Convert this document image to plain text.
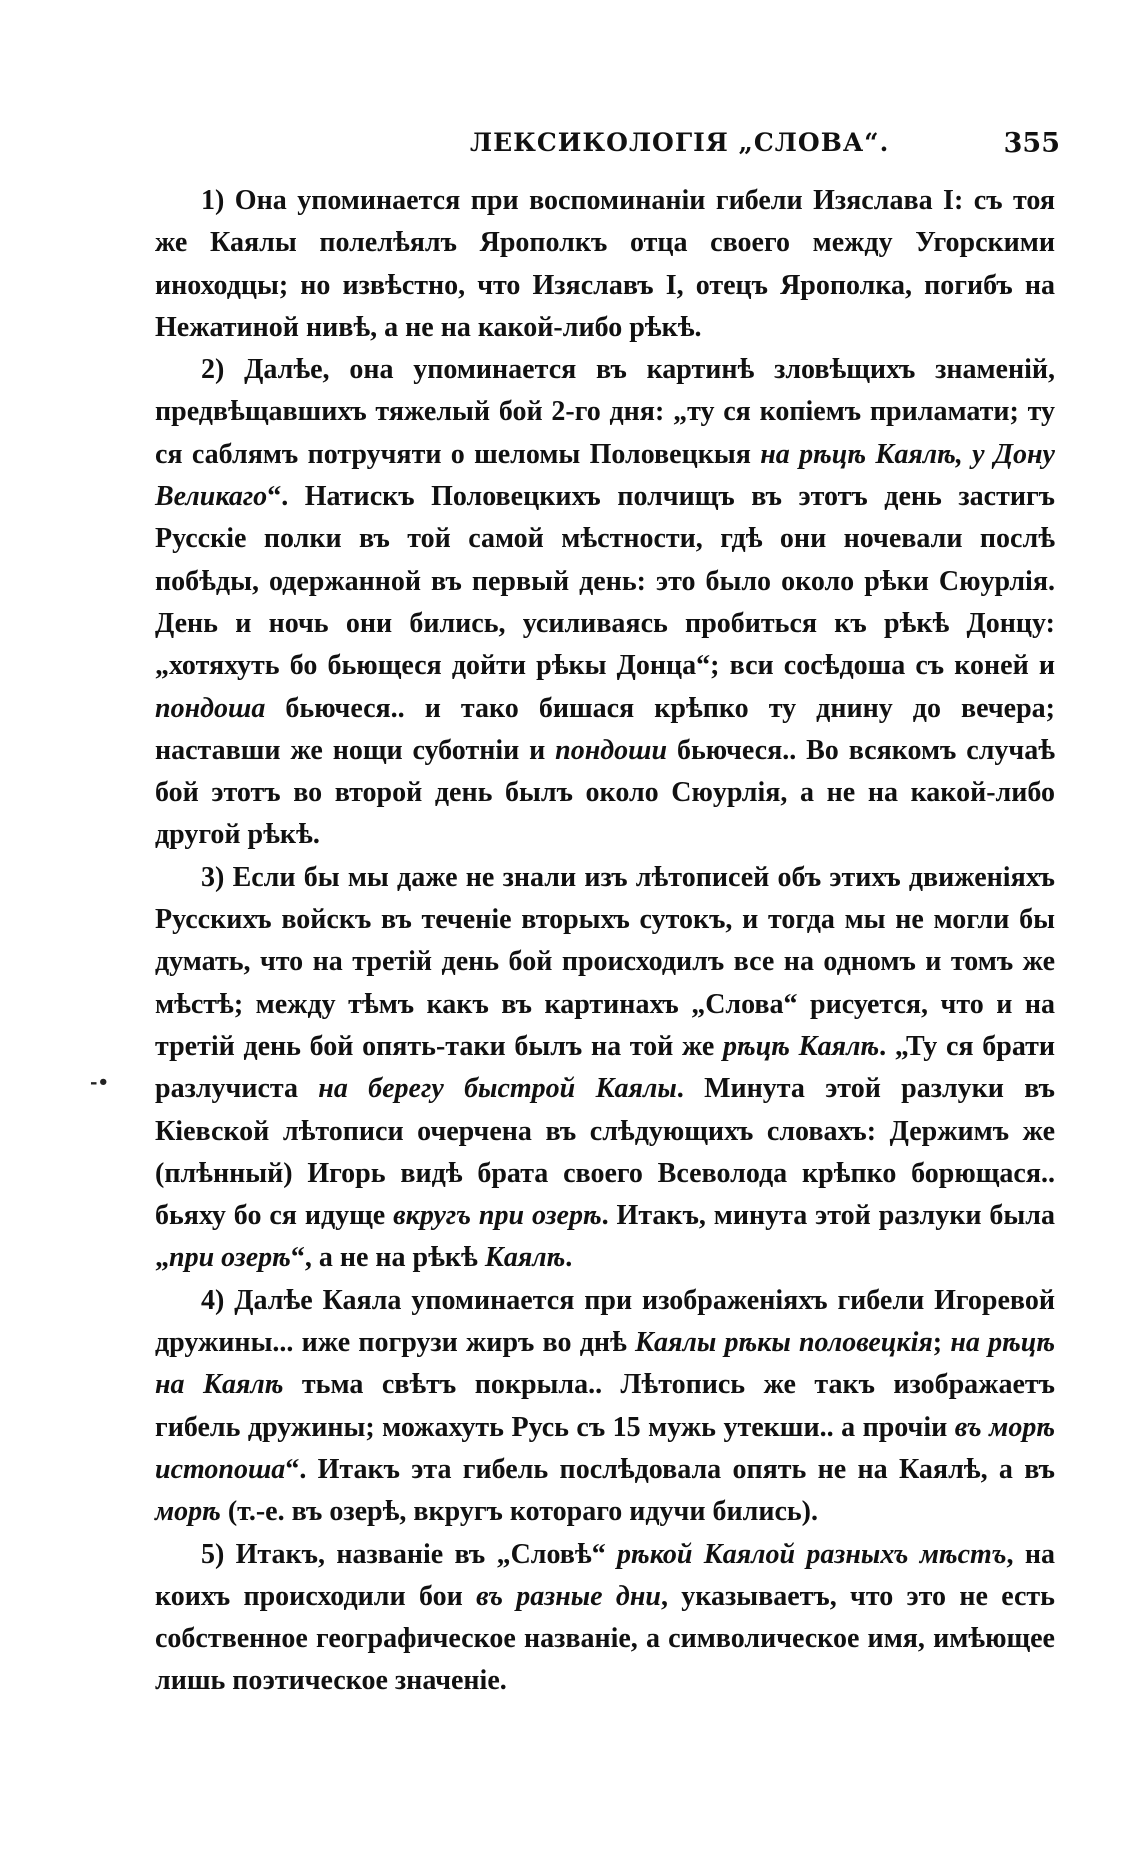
ЛЕКСИКОЛОГІЯ „СЛОВА“.	355
-•

1) Она упоминается при воспоминаніи гибели Изяслава I: съ тоя же Каялы полелѣялъ Ярополкъ отца своего между Угорскими иноходцы; но извѣстно, что Изяславъ I, отецъ Ярополка, погибъ на Нежатиной нивѣ, а не на какой-либо рѣкѣ.

2) Далѣе, она упоминается въ картинѣ зловѣщихъ знаменій, предвѣщавшихъ тяжелый бой 2-го дня: „ту ся копіемъ приламати; ту ся саблямъ потручяти о шеломы Половецкыя на рѣцѣ Каялѣ, у Дону Великаго“. Натискъ Половецкихъ полчищъ въ этотъ день застигъ Русскіе полки въ той самой мѣстности, гдѣ они ночевали послѣ побѣды, одержанной въ первый день: это было около рѣки Сюурлія. День и ночь они бились, усиливаясь пробиться къ рѣкѣ Донцу: „хотяхуть бо бьющеся дойти рѣкы Донца“; вси сосѣдоша съ коней и пондоша бьючеся.. и тако бишася крѣпко ту днину до вечера; наставши же нощи суботніи и пондоши бьючеся.. Во всякомъ случаѣ бой этотъ во второй день былъ около Сюурлія, а не на какой-либо другой рѣкѣ.

3) Если бы мы даже не знали изъ лѣтописей объ этихъ движеніяхъ Русскихъ войскъ въ теченіе вторыхъ сутокъ, и тогда мы не могли бы думать, что на третій день бой происходилъ все на одномъ и томъ же мѣстѣ; между тѣмъ какъ въ картинахъ „Слова“ рисуется, что и на третій день бой опять-таки былъ на той же рѣцѣ Каялѣ. „Ту ся брати разлучиста на берегу быстрой Каялы. Минута этой разлуки въ Кіевской лѣтописи очерчена въ слѣдующихъ словахъ: Держимъ же (плѣнный) Игорь видѣ брата своего Всеволода крѣпко борющася.. бьяху бо ся идуще вкругъ при озерѣ. Итакъ, минута этой разлуки была „при озерѣ“, а не на рѣкѣ Каялѣ.

4) Далѣе Каяла упоминается при изображеніяхъ гибели Игоревой дружины... иже погрузи жиръ во днѣ Каялы рѣкы половецкія; на рѣцѣ на Каялѣ тьма свѣтъ покрыла.. Лѣтопись же такъ изображаетъ гибель дружины; можахуть Русь съ 15 мужь утекши.. а прочіи въ морѣ истопоша“. Итакъ эта гибель послѣдовала опять не на Каялѣ, а въ морѣ (т.-е. въ озерѣ, вкругъ котораго идучи бились).

5) Итакъ, названіе въ „Словѣ“ рѣкой Каялой разныхъ мѣстъ, на коихъ происходили бои въ разные дни, указываетъ, что это не есть собственное географическое названіе, а символическое имя, имѣющее лишь поэтическое значеніе.
